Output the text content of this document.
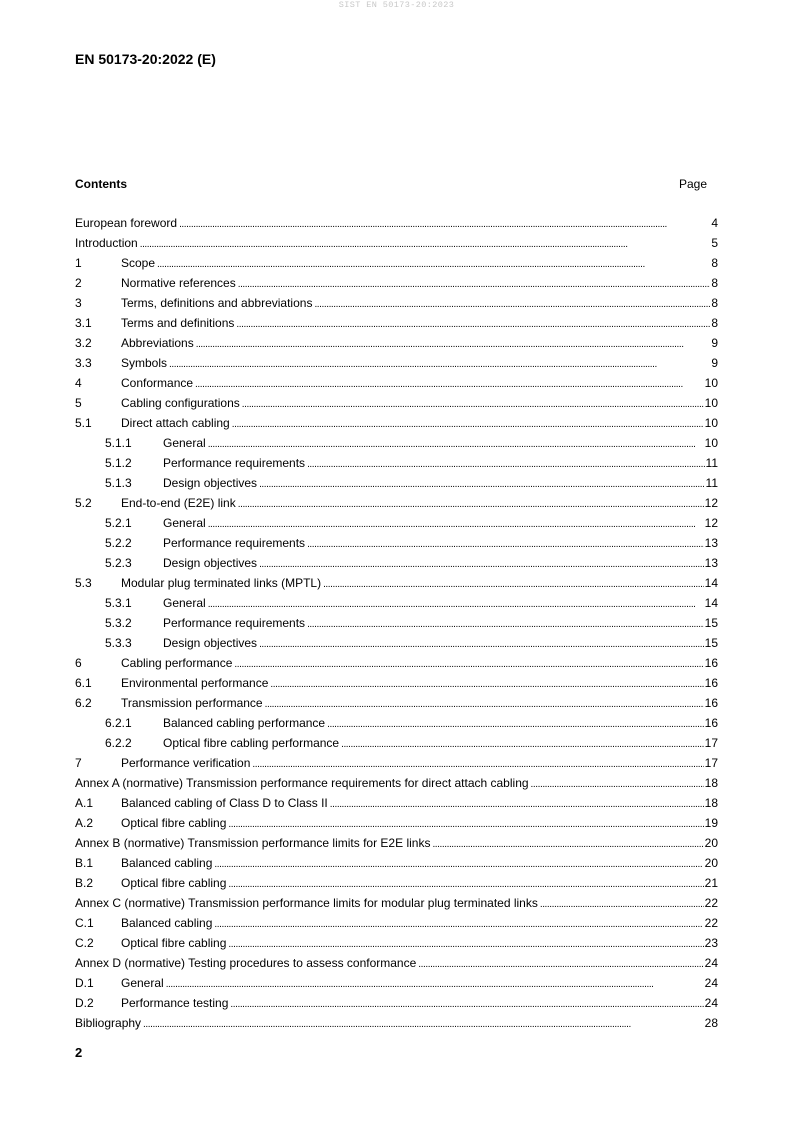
SIST EN 50173-20:2023
EN 50173-20:2022 (E)
Contents	Page
European foreword . . .	4
Introduction . . .	5
1	Scope . . .	8
2	Normative references . . .	8
3	Terms, definitions and abbreviations . . .	8
3.1	Terms and definitions . . .	8
3.2	Abbreviations . . .	9
3.3	Symbols . . .	9
4	Conformance . . .	10
5	Cabling configurations . . .	10
5.1	Direct attach cabling . . .	10
5.1.1	General . . .	10
5.1.2	Performance requirements . . .	11
5.1.3	Design objectives . . .	11
5.2	End-to-end (E2E) link . . .	12
5.2.1	General . . .	12
5.2.2	Performance requirements . . .	13
5.2.3	Design objectives . . .	13
5.3	Modular plug terminated links (MPTL) . . .	14
5.3.1	General . . .	14
5.3.2	Performance requirements . . .	15
5.3.3	Design objectives . . .	15
6	Cabling performance . . .	16
6.1	Environmental performance . . .	16
6.2	Transmission performance . . .	16
6.2.1	Balanced cabling performance . . .	16
6.2.2	Optical fibre cabling performance . . .	17
7	Performance verification . . .	17
Annex A (normative) Transmission performance requirements for direct attach cabling . . .	18
A.1	Balanced cabling of Class D to Class II . . .	18
A.2	Optical fibre cabling . . .	19
Annex B (normative) Transmission performance limits for E2E links . . .	20
B.1	Balanced cabling . . .	20
B.2	Optical fibre cabling . . .	21
Annex C (normative) Transmission performance limits for modular plug terminated links . . .	22
C.1	Balanced cabling . . .	22
C.2	Optical fibre cabling . . .	23
Annex D (normative) Testing procedures to assess conformance . . .	24
D.1	General . . .	24
D.2	Performance testing . . .	24
Bibliography . . .	28
2
